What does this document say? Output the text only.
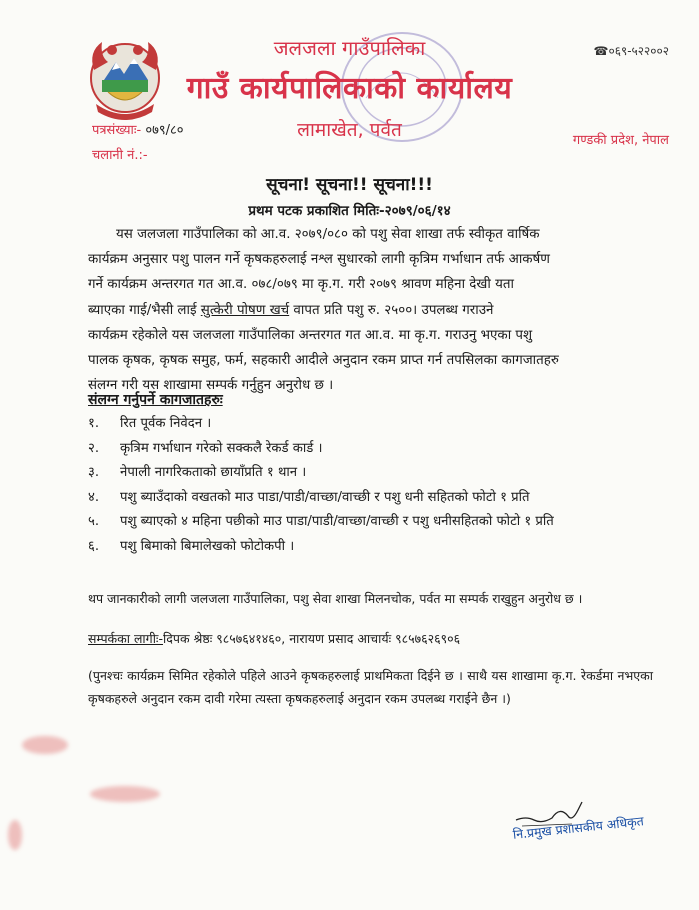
जलजला गाउँपालिका
गाउँ कार्यपालिकाको कार्यालय
लामाखेत, पर्वत
☎०६९-५२२००२
गण्डकी प्रदेश, नेपाल
पत्रसंख्याः- ०७९/८०
चलानी नं.:-
सूचना! सूचना!! सूचना!!!
प्रथम पटक प्रकाशित मितिः-२०७९/०६/१४
यस जलजला गाउँपालिका को आ.व. २०७९/०८० को पशु सेवा शाखा तर्फ स्वीकृत वार्षिक
कार्यक्रम अनुसार पशु पालन गर्ने कृषकहरुलाई नश्ल सुधारको लागी कृत्रिम गर्भाधान तर्फ आकर्षण
गर्ने कार्यक्रम अन्तरगत गत आ.व. ०७८/०७९ मा कृ.ग. गरी २०७९ श्रावण महिना देखी यता
ब्याएका गाई/भैसी लाई सुत्केरी पोषण खर्च वापत प्रति पशु रु. २५००। उपलब्ध गराउने
कार्यक्रम रहेकोले यस जलजला गाउँपालिका अन्तरगत गत आ.व. मा कृ.ग. गराउनु भएका पशु
पालक कृषक, कृषक समुह, फर्म, सहकारी आदीले अनुदान रकम प्राप्त गर्न तपसिलका कागजातहरु
संलग्न गरी यस शाखामा सम्पर्क गर्नुहुन अनुरोध छ ।
संलग्न गर्नुपर्ने कागजातहरुः
१.	रित पूर्वक निवेदन ।
२.	कृत्रिम गर्भाधान गरेको सक्कलै रेकर्ड कार्ड ।
३.	नेपाली नागरिकताको छायाँप्रति १ थान ।
४.	पशु ब्याउँदाको वखतको माउ पाडा/पाडी/वाच्छा/वाच्छी र पशु धनी सहितको फोटो १ प्रति
५.	पशु ब्याएको ४ महिना पछीको माउ पाडा/पाडी/वाच्छा/वाच्छी र पशु धनीसहितको फोटो १ प्रति
६.	पशु बिमाको बिमालेखको फोटोकपी ।
थप जानकारीको लागी जलजला गाउँपालिका, पशु सेवा शाखा मिलनचोक, पर्वत मा सम्पर्क राखुहुन अनुरोध छ ।
सम्पर्कका लागीः-दिपक श्रेष्ठः ९८५७६४१४६०, नारायण प्रसाद आचार्यः ९८५७६२६९०६
(पुनश्चः कार्यक्रम सिमित रहेकोले पहिले आउने कृषकहरुलाई प्राथमिकता दिईने छ । साथै यस शाखामा कृ.ग. रेकर्डमा नभएका कृषकहरुले अनुदान रकम दावी गरेमा त्यस्ता कृषकहरुलाई अनुदान रकम उपलब्ध गराईने छैन ।)
नि.प्रमुख प्रशासकीय अधिकृत
